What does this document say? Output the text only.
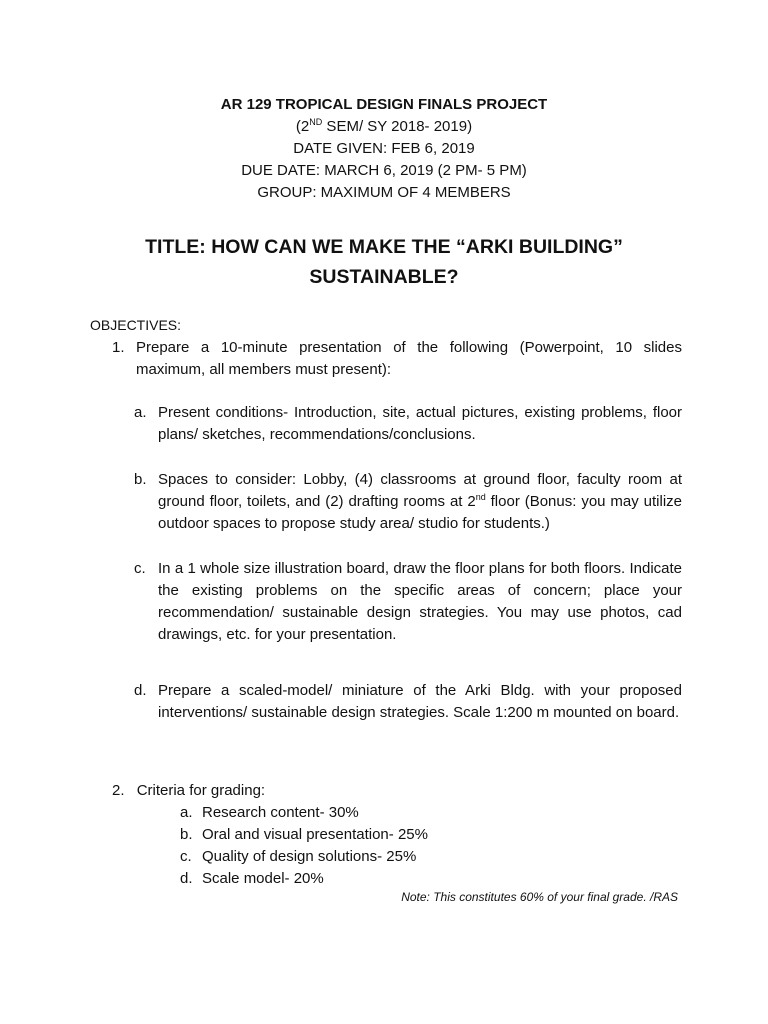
AR 129 TROPICAL DESIGN FINALS PROJECT
(2ND SEM/ SY 2018- 2019)
DATE GIVEN: FEB 6, 2019
DUE DATE: MARCH 6, 2019 (2 PM- 5 PM)
GROUP: MAXIMUM OF 4 MEMBERS
TITLE: HOW CAN WE MAKE THE “ARKI BUILDING”
SUSTAINABLE?
OBJECTIVES:
1. Prepare a 10-minute presentation of the following (Powerpoint, 10 slides maximum, all members must present):
a. Present conditions- Introduction, site, actual pictures, existing problems, floor plans/ sketches, recommendations/conclusions.
b. Spaces to consider: Lobby, (4) classrooms at ground floor, faculty room at ground floor, toilets, and (2) drafting rooms at 2nd floor (Bonus: you may utilize outdoor spaces to propose study area/ studio for students.)
c. In a 1 whole size illustration board, draw the floor plans for both floors. Indicate the existing problems on the specific areas of concern; place your recommendation/ sustainable design strategies. You may use photos, cad drawings, etc. for your presentation.
d. Prepare a scaled-model/ miniature of the Arki Bldg. with your proposed interventions/ sustainable design strategies. Scale 1:200 m mounted on board.
2. Criteria for grading:
a. Research content- 30%
b. Oral and visual presentation- 25%
c. Quality of design solutions- 25%
d. Scale model- 20%
Note: This constitutes 60% of your final grade. /RAS
